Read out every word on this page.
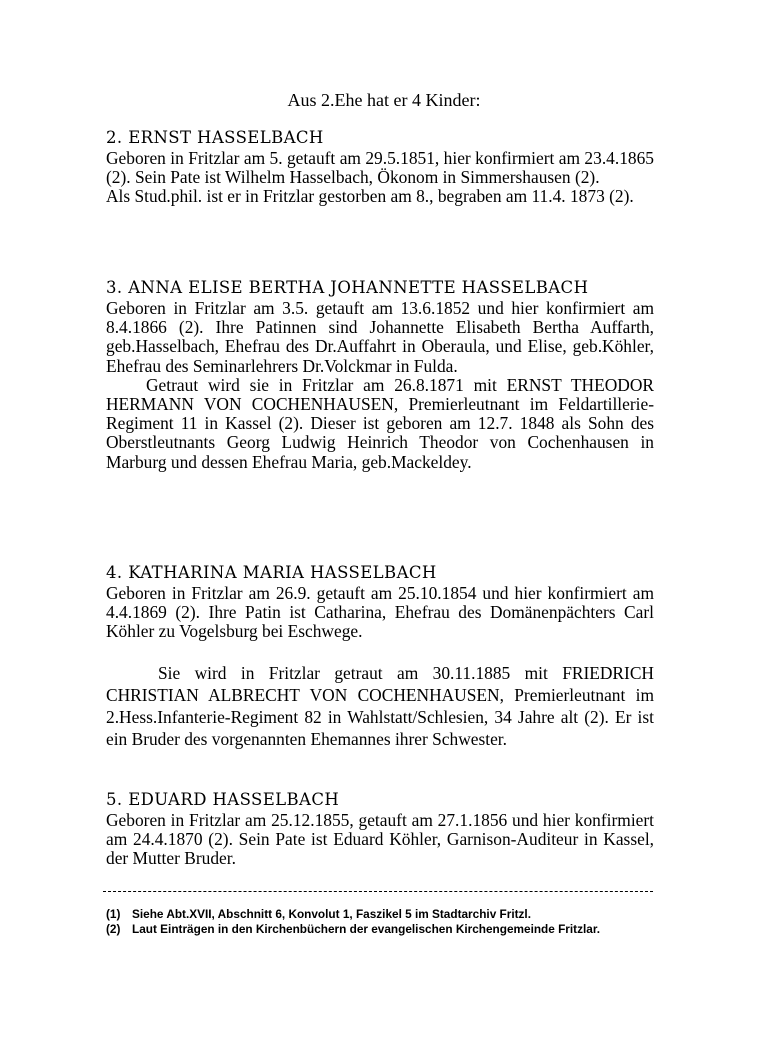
Aus 2.Ehe hat er 4 Kinder:
2. ERNST HASSELBACH

Geboren in Fritzlar am 5. getauft am 29.5.1851, hier konfirmiert am 23.4.1865 (2). Sein Pate ist Wilhelm Hasselbach, Ökonom in Simmershausen (2).

Als Stud.phil. ist er in Fritzlar gestorben am 8., begraben am 11.4. 1873 (2).

3. ANNA ELISE BERTHA JOHANNETTE HASSELBACH

Geboren in Fritzlar am 3.5. getauft am 13.6.1852 und hier konfirmiert am 8.4.1866 (2). Ihre Patinnen sind Johannette Elisabeth Bertha Auffarth, geb.Hasselbach, Ehefrau des Dr.Auffahrt in Oberaula, und Elise, geb.Köhler, Ehefrau des Seminarlehrers Dr.Volckmar in Fulda.

Getraut wird sie in Fritzlar am 26.8.1871 mit ERNST THEODOR HERMANN VON COCHENHAUSEN, Premierleutnant im Feldartillerie-Regiment 11 in Kassel (2). Dieser ist geboren am 12.7. 1848 als Sohn des Oberstleutnants Georg Ludwig Heinrich Theodor von Cochenhausen in Marburg und dessen Ehefrau Maria, geb.Mackeldey.

4. KATHARINA MARIA HASSELBACH

Geboren in Fritzlar am 26.9. getauft am 25.10.1854 und hier konfirmiert am 4.4.1869 (2). Ihre Patin ist Catharina, Ehefrau des Domänenpächters Carl Köhler zu Vogelsburg bei Eschwege.

Sie wird in Fritzlar getraut am 30.11.1885 mit FRIEDRICH CHRISTIAN ALBRECHT VON COCHENHAUSEN, Premierleutnant im 2.Hess.Infanterie-Regiment 82 in Wahlstatt/Schlesien, 34 Jahre alt (2). Er ist ein Bruder des vorgenannten Ehemannes ihrer Schwester.

5. EDUARD HASSELBACH

Geboren in Fritzlar am 25.12.1855, getauft am 27.1.1856 und hier konfirmiert am 24.4.1870 (2). Sein Pate ist Eduard Köhler, Garnison-Auditeur in Kassel, der Mutter Bruder.

(1) Siehe Abt.XVII, Abschnitt 6, Konvolut 1, Faszikel 5 im Stadtarchiv Fritzl.
(2) Laut Einträgen in den Kirchenbüchern der evangelischen Kirchengemeinde Fritzlar.
